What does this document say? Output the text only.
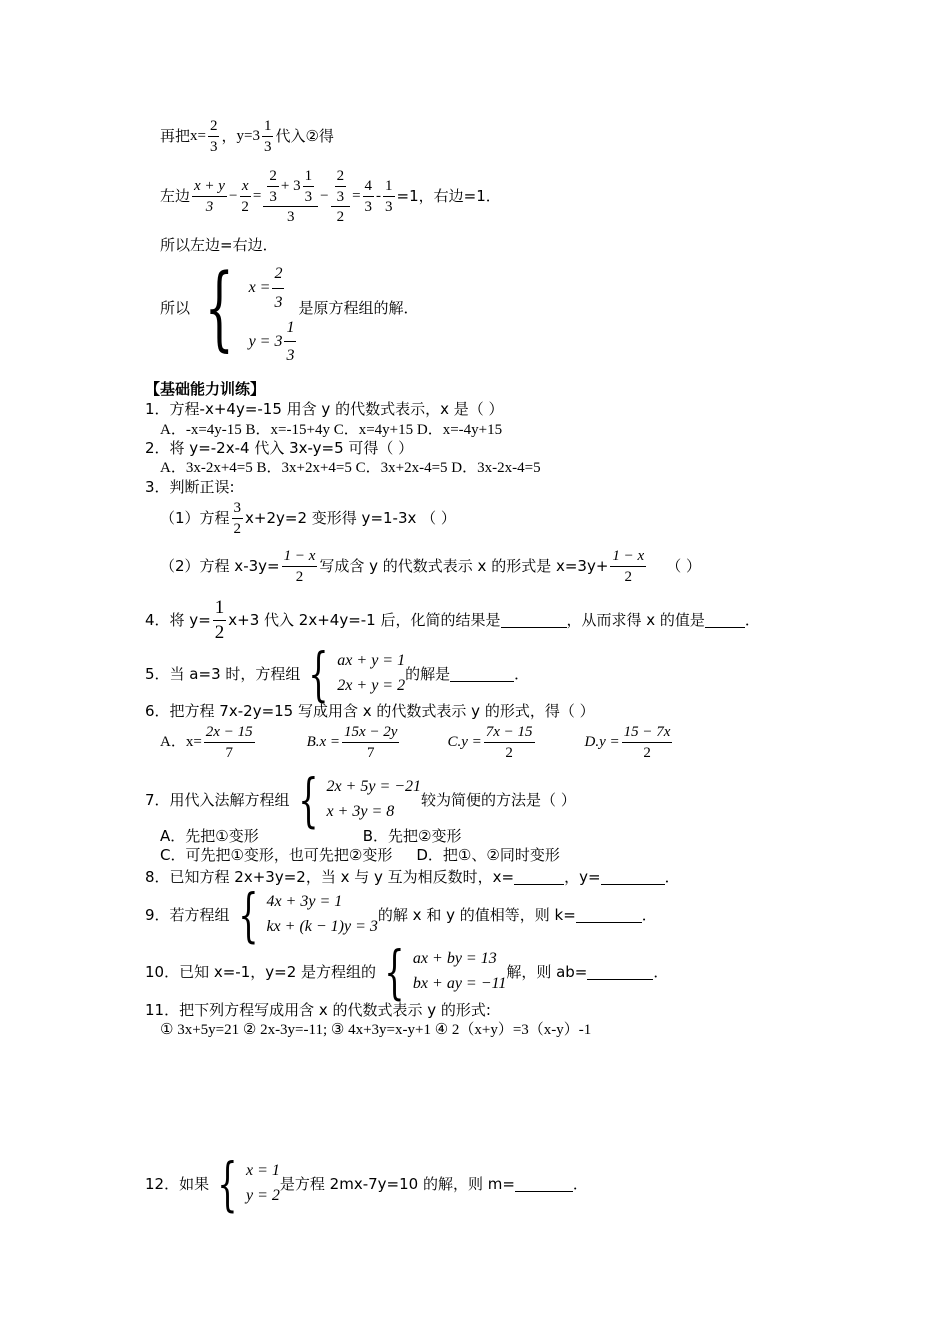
再把 $x= \frac{2}{3}$ ， $y=3 \frac{1}{3}$ 代入②得
左边 $\frac{x + y}{3} - \frac{x}{2} = \frac{\frac{2}{3} + 3 \frac{1}{3}}{3} - \frac{\frac{2}{3}}{2} = \frac{4}{3} - \frac{1}{3} =1$，右边=1．
所以左边=右边．
所以 { $x = \frac{2}{3}$
$y = 3 \frac{1}{3}$
是原方程组的解．
【基础能力训练】
1．方程-x+4y=-15 用含 y 的代数式表示，x 是（ ）
A．-x=4y-15 B．x=-15+4y C．x=4y+15 D．x=-4y+15
2．将 y=-2x-4 代入 3x-y=5 可得（ ）
A．3x-2x+4=5 B．3x+2x+4=5 C．3x+2x-4=5 D．3x-2x-4=5
3．判断正误:
（1）方程 $\frac{3}{2} x+2y=2$ 变形得 y=1-3x （ ）
（2）方程 $x-3y= \frac{1 - x}{2}$ 写成含 y 的代数式表示 x 的形式是 $x=3y+ \frac{1 - x}{2}$ （ ）
4．将 $y= \frac{1}{2} x+3$ 代入 2x+4y=-1 后，化简的结果是	，从而求得 x 的值是	．
5．当 a=3 时，方程组 { ax + y = 1
2x + y = 2
的解是	．
6．把方程 7x-2y=15 写成用含 x 的代数式表示 y 的形式，得（ ）
A．$x= \frac{2x - 15}{7}$	$B.x = \frac{15x - 2y}{7}$	$C.y = \frac{7x - 15}{2}$	$D.y = \frac{15 - 7x}{2}$
7．用代入法解方程组 { 2x + 5y = −21
x + 3y = 8
较为简便的方法是（ ）
A．先把①变形	B．先把②变形
C．可先把①变形，也可先把②变形 D．把①、②同时变形
8．已知方程 2x+3y=2，当 x 与 y 互为相反数时，x=	，y=	．
9．若方程组 { 4x + 3y = 1
kx + (k − 1)y = 3
的解 x 和 y 的值相等，则 k=	．
10．已知 x=-1，y=2 是方程组的 { ax + by = 13
bx + ay = −11
解，则 ab=	．
11．把下列方程写成用含 x 的代数式表示 y 的形式:
① 3x+5y=21 ② 2x-3y=-11; ③ 4x+3y=x-y+1 ④ 2（x+y）=3（x-y）-1
12．如果 { x = 1
y = 2
是方程 2mx-7y=10 的解，则 m=	．
